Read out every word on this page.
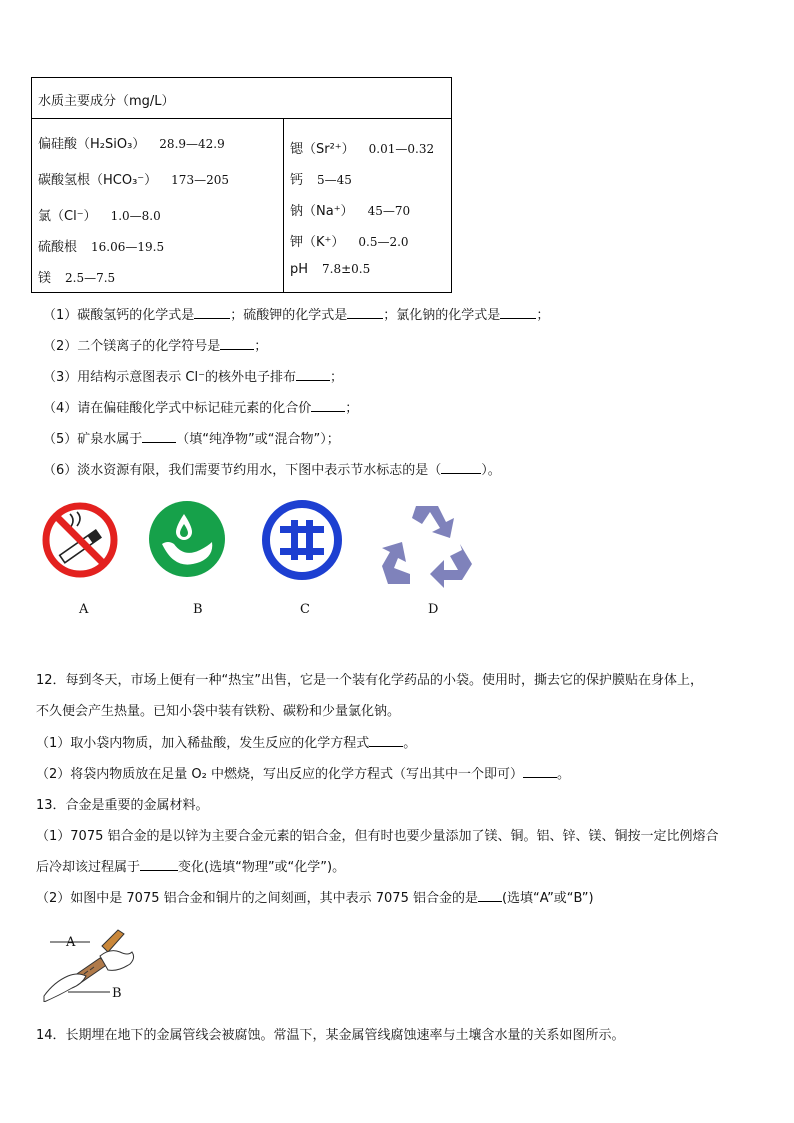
水质主要成分（mg/L）
偏硅酸（H₂SiO₃） 28.9—42.9
碳酸氢根（HCO₃⁻） 173—205
氯（Cl⁻） 1.0—8.0
硫酸根 16.06—19.5
镁 2.5—7.5
锶（Sr²⁺） 0.01—0.32
钙 5—45
钠（Na⁺） 45—70
钾（K⁺） 0.5—2.0
pH 7.8±0.5
（1）碳酸氢钙的化学式是	；硫酸钾的化学式是	；氯化钠的化学式是	；
（2）二个镁离子的化学符号是	；
（3）用结构示意图表示 Cl⁻的核外电子排布	；
（4）请在偏硅酸化学式中标记硅元素的化合价	；
（5）矿泉水属于	（填“纯净物”或“混合物”）；
（6）淡水资源有限，我们需要节约用水，下图中表示节水标志的是（	）。
A	B	C	D
12．每到冬天，市场上便有一种“热宝”出售，它是一个装有化学药品的小袋。使用时，撕去它的保护膜贴在身体上，
不久便会产生热量。已知小袋中装有铁粉、碳粉和少量氯化钠。
（1）取小袋内物质，加入稀盐酸，发生反应的化学方程式	。
（2）将袋内物质放在足量 O₂ 中燃烧，写出反应的化学方程式（写出其中一个即可）	。
13．合金是重要的金属材料。
（1）7075 铝合金的是以锌为主要合金元素的铝合金，但有时也要少量添加了镁、铜。铝、锌、镁、铜按一定比例熔合
后冷却该过程属于	变化(选填“物理”或“化学”)。
（2）如图中是 7075 铝合金和铜片的之间刻画，其中表示 7075 铝合金的是 (选填“A”或“B”)
A
B
14．长期埋在地下的金属管线会被腐蚀。常温下，某金属管线腐蚀速率与土壤含水量的关系如图所示。
